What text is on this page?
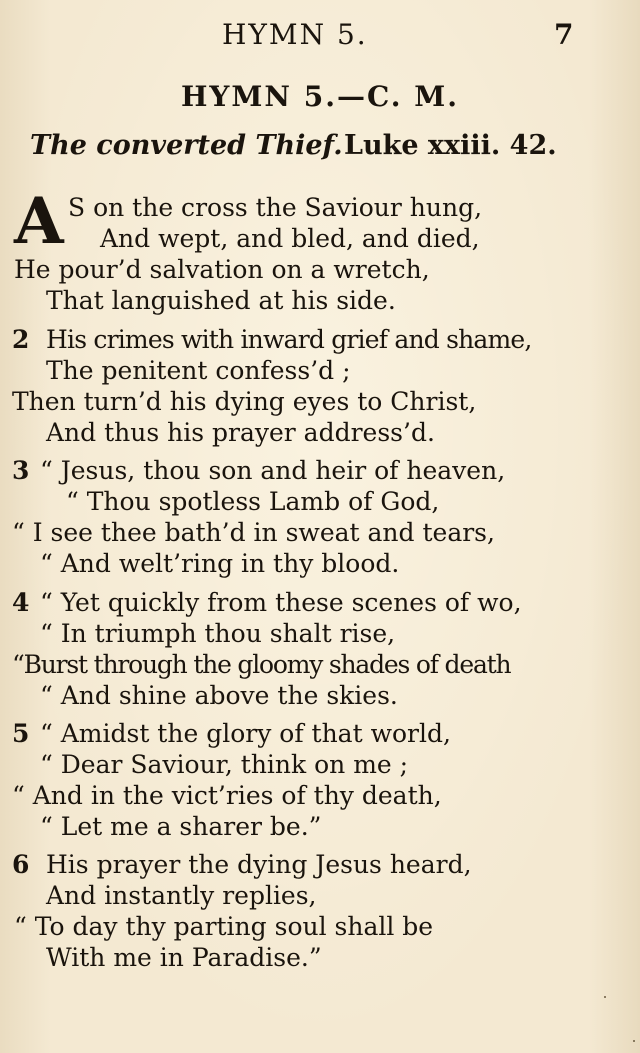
HYMN 5.	7
HYMN 5.—C. M.
The converted Thief. Luke xxiii. 42.
A S on the cross the Saviour hung,
And wept, and bled, and died,
He pour’d salvation on a wretch,
That languished at his side.
2 His crimes with inward grief and shame,
The penitent confess’d ;
Then turn’d his dying eyes to Christ,
And thus his prayer address’d.
3 “ Jesus, thou son and heir of heaven,
“ Thou spotless Lamb of God,
“ I see thee bath’d in sweat and tears,
“ And welt’ring in thy blood.
4 “ Yet quickly from these scenes of wo,
“ In triumph thou shalt rise,
“Burst through the gloomy shades of death
“ And shine above the skies.
5 “ Amidst the glory of that world,
“ Dear Saviour, think on me ;
“ And in the vict’ries of thy death,
“ Let me a sharer be.”
6 His prayer the dying Jesus heard,
And instantly replies,
“ To day thy parting soul shall be
With me in Paradise.”
